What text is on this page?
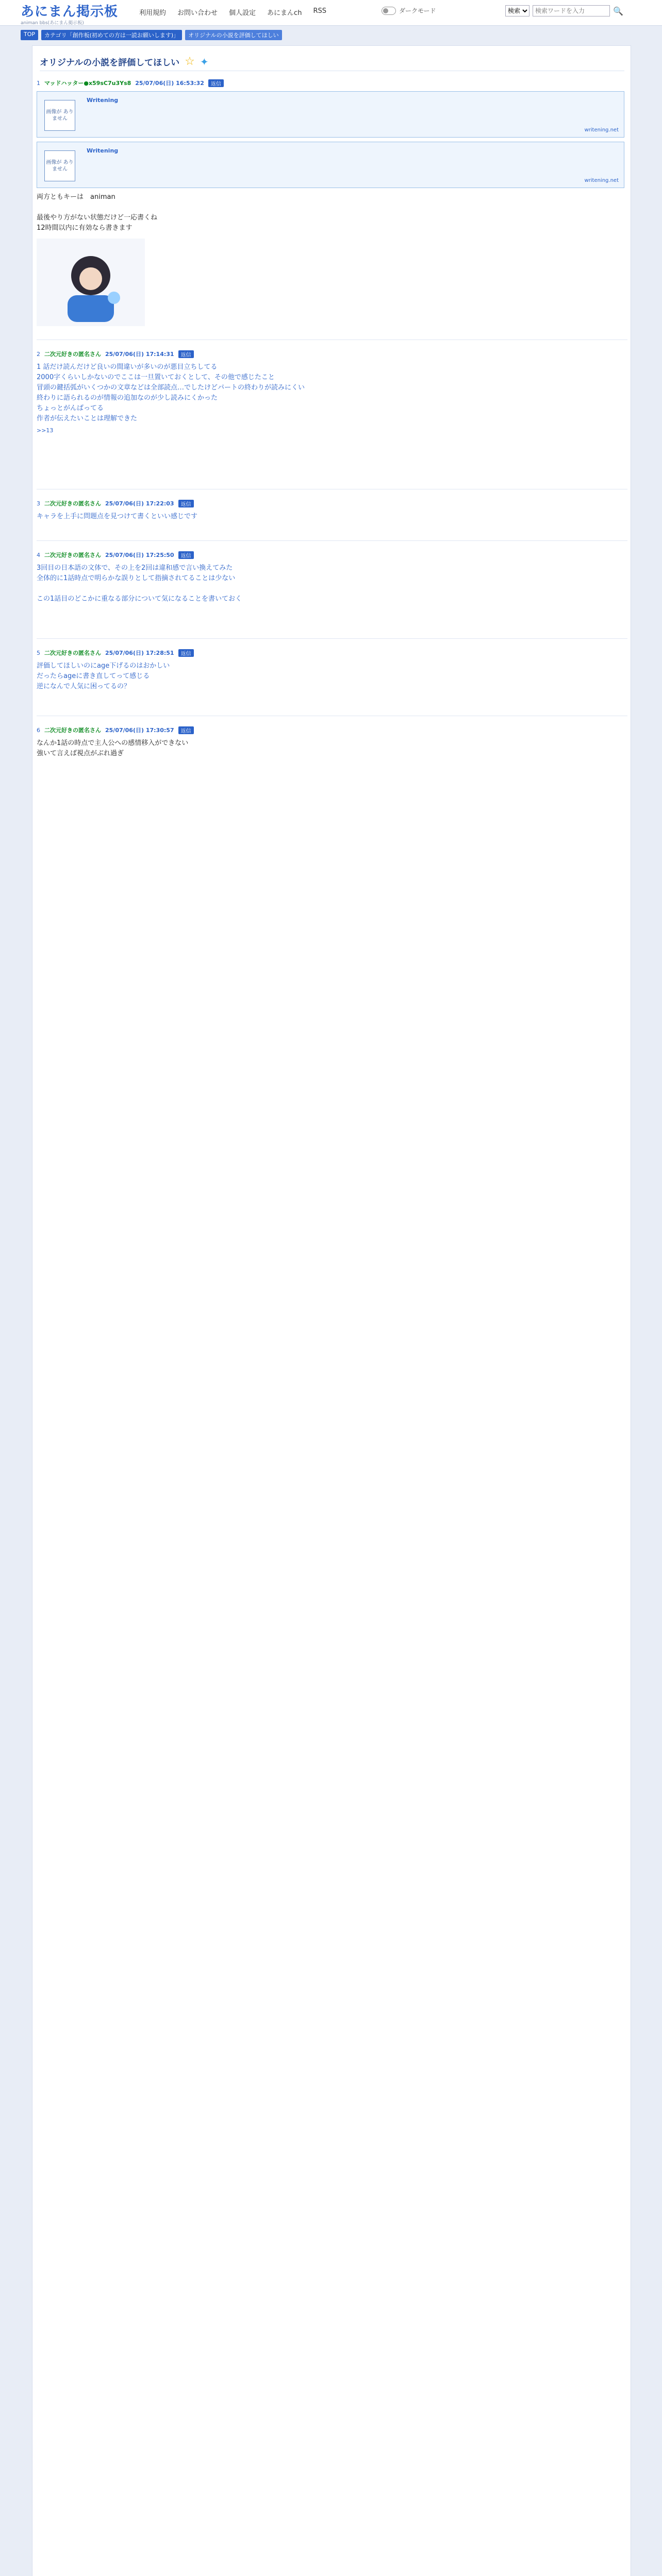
あにまん掲示板
animan bbs(あにまん掲示板)
利用規約 お問い合わせ 個人設定 あにまんch RSS	ダークモード
検索
検索ワードを入力	🔍
TOP	カテゴリ「創作板(初めての方は一読お願いします)」	オリジナルの小説を評価してほしい
オリジナルの小説を評価してほしい ☆ ✦
1 マッドハッター●x59sC7u3Ys8 25/07/06(日) 16:53:32	返信
画像が ありません
Writening
writening.net
画像が ありません
Writening
writening.net
両方ともキーは　animan

最後やり方がない状態だけど一応書くね
12時間以内に有効なら書きます
2 二次元好きの匿名さん 25/07/06(日) 17:14:31	返信
1 話だけ読んだけど良いの間違いが多いのが悪目立ちしてる
2000字くらいしかないのでここは一旦置いておくとして、その他で感じたこと
冒頭の鍵括弧がいくつかの文章などは全部読点…でしたけどパートの終わりが読みにくい
終わりに語られるのが情報の追加なのが少し読みにくかった
ちょっとがんばってる
作者が伝えたいことは理解できた
>>13
3 二次元好きの匿名さん 25/07/06(日) 17:22:03	返信
キャラを上手に問題点を見つけて書くといい感じです
4 二次元好きの匿名さん 25/07/06(日) 17:25:50	返信
3回目の日本語の文体で、その上を2回は違和感で言い換えてみた
全体的に1話時点で明らかな誤りとして指摘されてることは少ない

この1話目のどこかに重なる部分について気になることを書いておく
5 二次元好きの匿名さん 25/07/06(日) 17:28:51	返信
評価してほしいのにage下げるのはおかしい
だったらageに書き直してって感じる
逆になんで人気に困ってるの？
6 二次元好きの匿名さん 25/07/06(日) 17:30:57	返信
なんか1話の時点で主人公への感情移入ができない
強いて言えば視点がぶれ過ぎ
